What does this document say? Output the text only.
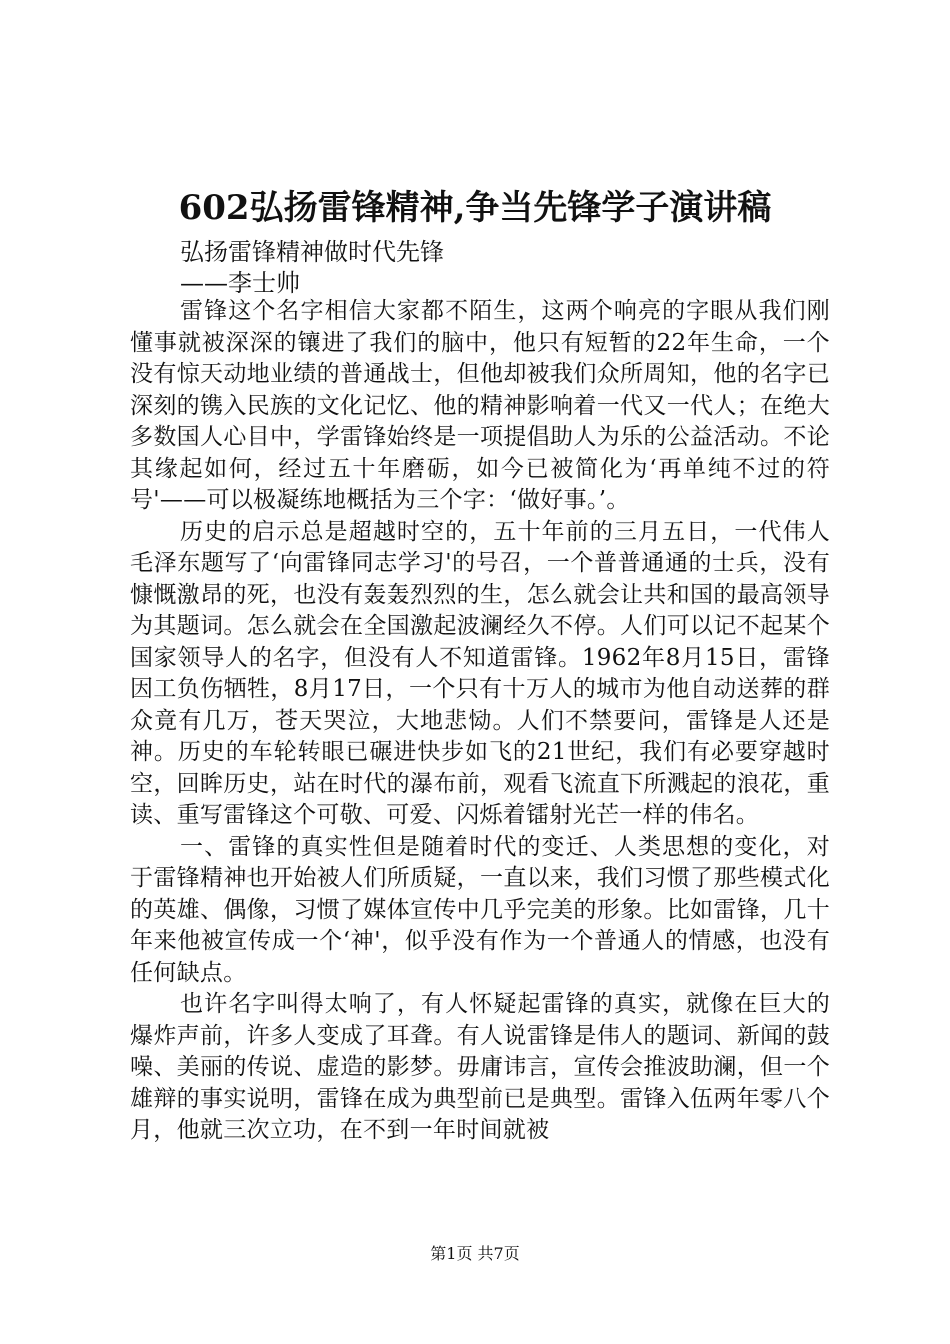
602弘扬雷锋精神,争当先锋学子演讲稿
弘扬雷锋精神做时代先锋
——李士帅

雷锋这个名字相信大家都不陌生，这两个响亮的字眼从我们刚懂事就被深深的镶进了我们的脑中，他只有短暂的22年生命，一个没有惊天动地业绩的普通战士，但他却被我们众所周知，他的名字已深刻的镌入民族的文化记忆、他的精神影响着一代又一代人；在绝大多数国人心目中，学雷锋始终是一项提倡助人为乐的公益活动。不论其缘起如何，经过五十年磨砺，如今已被简化为‘再单纯不过的符号'——可以极凝练地概括为三个字：‘做好事。’。

历史的启示总是超越时空的，五十年前的三月五日，一代伟人毛泽东题写了‘向雷锋同志学习'的号召，一个普普通通的士兵，没有慷慨激昂的死，也没有轰轰烈烈的生，怎么就会让共和国的最高领导为其题词。怎么就会在全国激起波澜经久不停。人们可以记不起某个国家领导人的名字，但没有人不知道雷锋。1962年8月15日，雷锋因工负伤牺牲，8月17日，一个只有十万人的城市为他自动送葬的群众竟有几万，苍天哭泣，大地悲恸。人们不禁要问，雷锋是人还是神。历史的车轮转眼已碾进快步如飞的21世纪，我们有必要穿越时空，回眸历史，站在时代的瀑布前，观看飞流直下所溅起的浪花，重读、重写雷锋这个可敬、可爱、闪烁着镭射光芒一样的伟名。

一、雷锋的真实性但是随着时代的变迁、人类思想的变化，对于雷锋精神也开始被人们所质疑，一直以来，我们习惯了那些模式化的英雄、偶像，习惯了媒体宣传中几乎完美的形象。比如雷锋，几十年来他被宣传成一个‘神'，似乎没有作为一个普通人的情感，也没有任何缺点。

也许名字叫得太响了，有人怀疑起雷锋的真实，就像在巨大的爆炸声前，许多人变成了耳聋。有人说雷锋是伟人的题词、新闻的鼓噪、美丽的传说、虚造的影梦。毋庸讳言，宣传会推波助澜，但一个雄辩的事实说明，雷锋在成为典型前已是典型。雷锋入伍两年零八个月，他就三次立功，在不到一年时间就被

第1页 共7页
